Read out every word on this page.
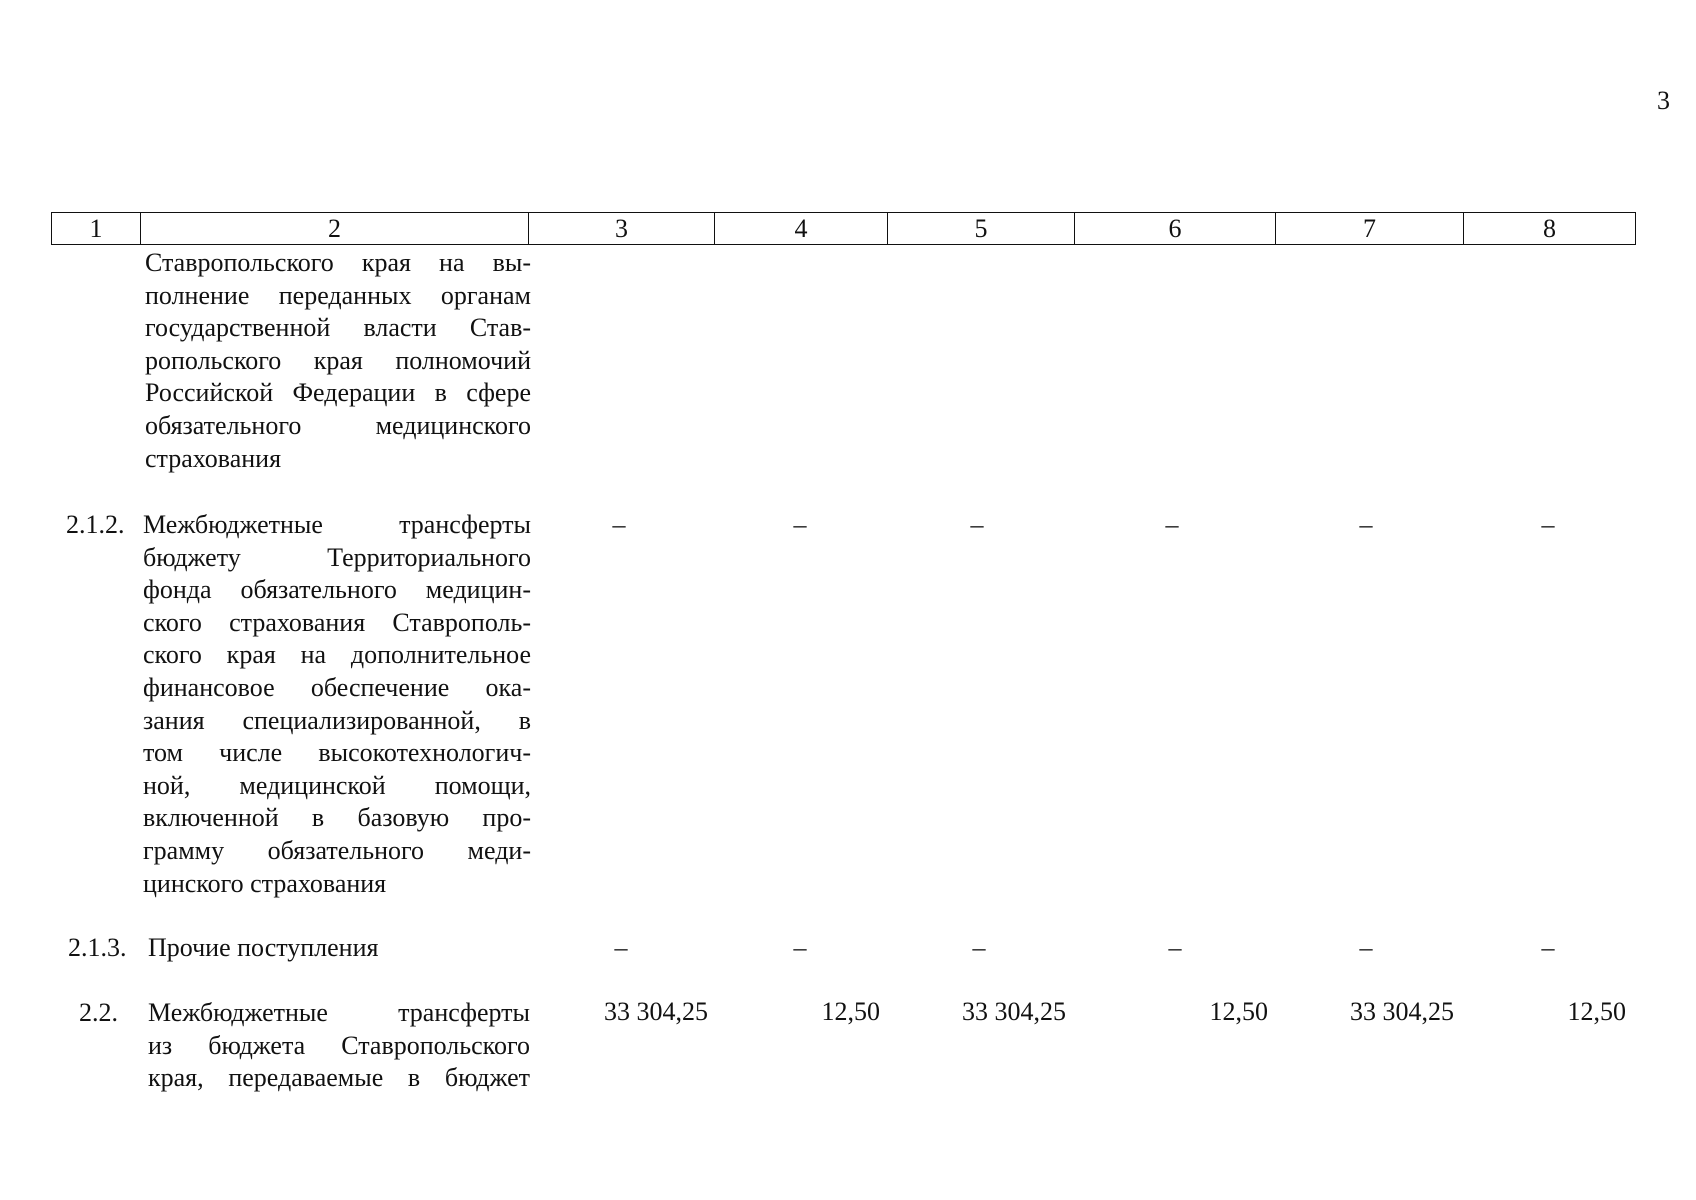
3
1	2	3	4	5	6	7	8
Ставропольского края на вы-
полнение переданных органам
государственной власти Став-
ропольского края полномочий
Российской Федерации в сфере
обязательного медицинского
страхования
2.1.2. Межбюджетные трансферты
бюджету Территориального
фонда обязательного медицин-
ского страхования Ставрополь-
ского края на дополнительное
финансовое обеспечение ока-
зания специализированной, в
том числе высокотехнологич-
ной, медицинской помощи,
включенной в базовую про-
грамму обязательного меди-
цинского страхования
–	–	–	–	–	–
2.1.3. Прочие поступления	–	–	–	–	–	–
2.2. Межбюджетные трансферты
из бюджета Ставропольского
края, передаваемые в бюджет
33 304,25	12,50	33 304,25	12,50	33 304,25	12,50
